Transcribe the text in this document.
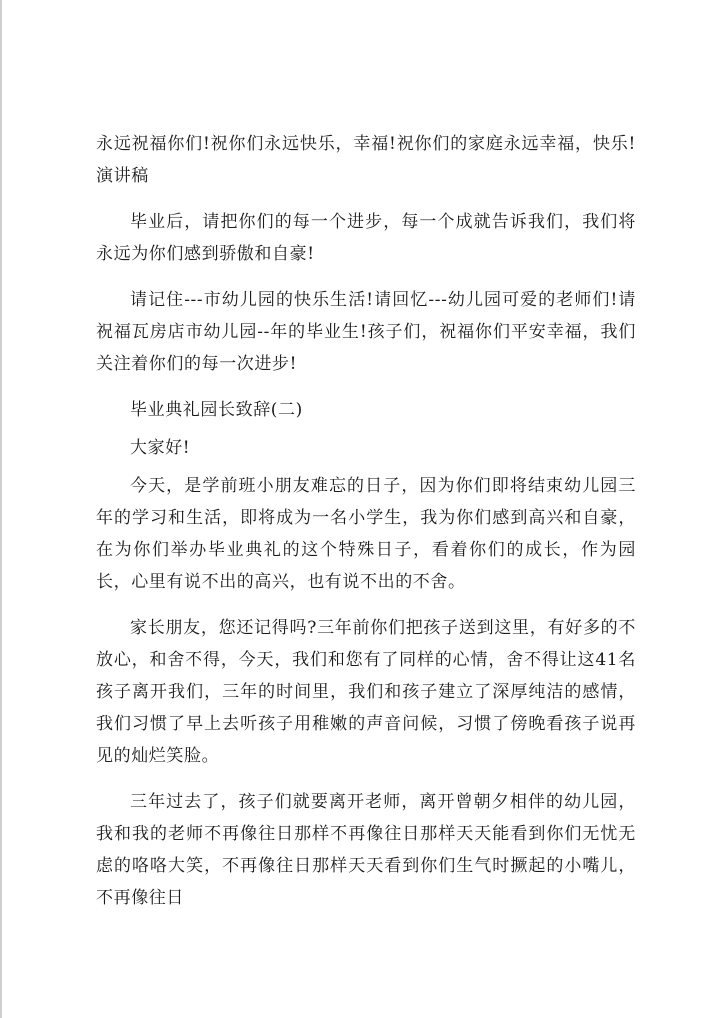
永远祝福你们!祝你们永远快乐，幸福!祝你们的家庭永远幸福，快乐!演讲稿

毕业后，请把你们的每一个进步，每一个成就告诉我们，我们将永远为你们感到骄傲和自豪!

请记住---市幼儿园的快乐生活!请回忆---幼儿园可爱的老师们!请祝福瓦房店市幼儿园--年的毕业生!孩子们，祝福你们平安幸福，我们关注着你们的每一次进步!

毕业典礼园长致辞(二)

大家好!

今天，是学前班小朋友难忘的日子，因为你们即将结束幼儿园三年的学习和生活，即将成为一名小学生，我为你们感到高兴和自豪，在为你们举办毕业典礼的这个特殊日子，看着你们的成长，作为园长，心里有说不出的高兴，也有说不出的不舍。

家长朋友，您还记得吗?三年前你们把孩子送到这里，有好多的不放心，和舍不得，今天，我们和您有了同样的心情，舍不得让这41名孩子离开我们，三年的时间里，我们和孩子建立了深厚纯洁的感情，我们习惯了早上去听孩子用稚嫩的声音问候，习惯了傍晚看孩子说再见的灿烂笑脸。

三年过去了，孩子们就要离开老师，离开曾朝夕相伴的幼儿园，我和我的老师不再像往日那样不再像往日那样天天能看到你们无忧无虑的咯咯大笑，不再像往日那样天天看到你们生气时撅起的小嘴儿，不再像往日
